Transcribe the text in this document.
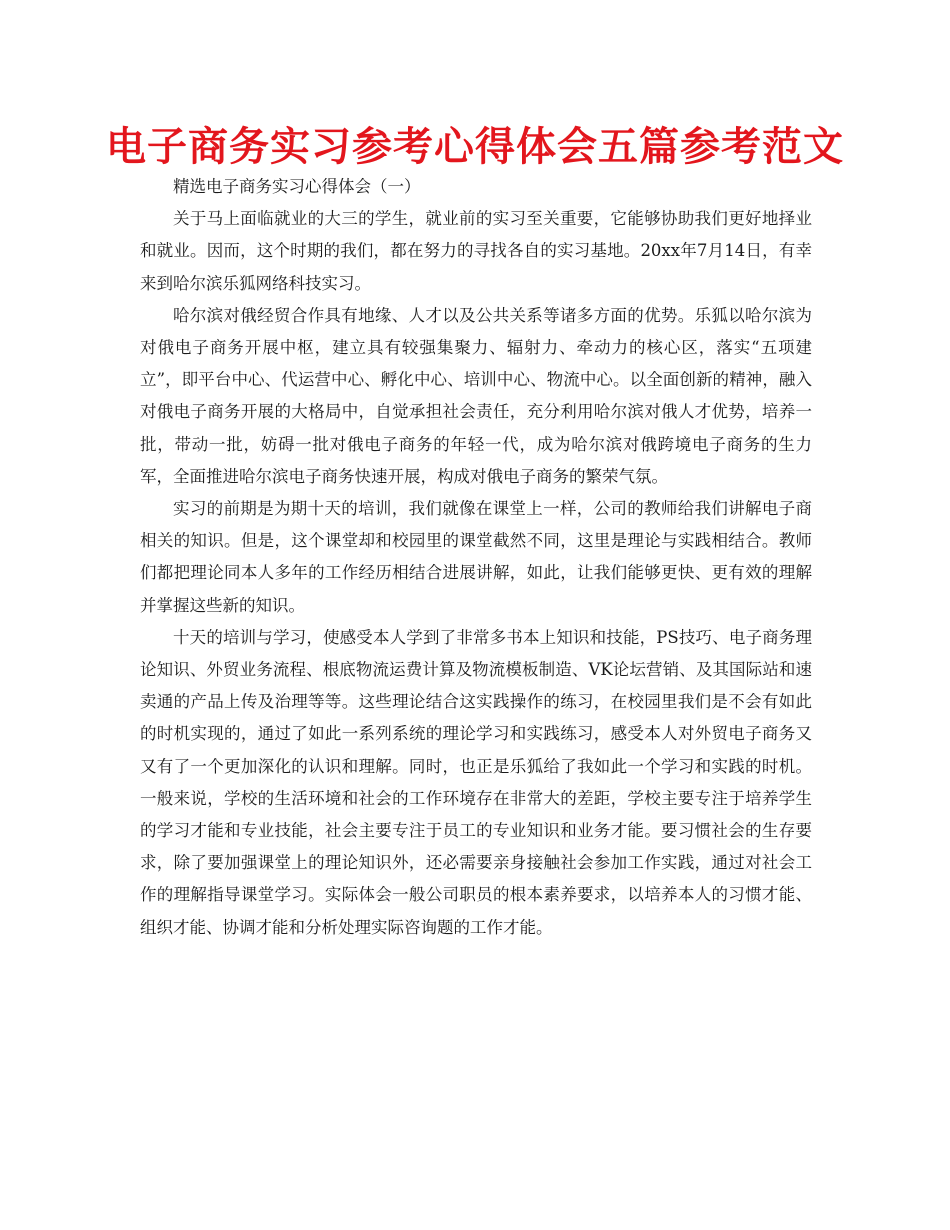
电子商务实习参考心得体会五篇参考范文

精选电子商务实习心得体会（一）

关于马上面临就业的大三的学生，就业前的实习至关重要，它能够协助我们更好地择业和就业。因而，这个时期的我们，都在努力的寻找各自的实习基地。20xx年7月14日，有幸来到哈尔滨乐狐网络科技实习。

哈尔滨对俄经贸合作具有地缘、人才以及公共关系等诸多方面的优势。乐狐以哈尔滨为对俄电子商务开展中枢，建立具有较强集聚力、辐射力、牵动力的核心区，落实“五项建立”，即平台中心、代运营中心、孵化中心、培训中心、物流中心。以全面创新的精神，融入对俄电子商务开展的大格局中，自觉承担社会责任，充分利用哈尔滨对俄人才优势，培养一批，带动一批，妨碍一批对俄电子商务的年轻一代，成为哈尔滨对俄跨境电子商务的生力军，全面推进哈尔滨电子商务快速开展，构成对俄电子商务的繁荣气氛。

实习的前期是为期十天的培训，我们就像在课堂上一样，公司的教师给我们讲解电子商相关的知识。但是，这个课堂却和校园里的课堂截然不同，这里是理论与实践相结合。教师们都把理论同本人多年的工作经历相结合进展讲解，如此，让我们能够更快、更有效的理解并掌握这些新的知识。

十天的培训与学习，使感受本人学到了非常多书本上知识和技能，PS技巧、电子商务理论知识、外贸业务流程、根底物流运费计算及物流模板制造、VK论坛营销、及其国际站和速卖通的产品上传及治理等等。这些理论结合这实践操作的练习，在校园里我们是不会有如此的时机实现的，通过了如此一系列系统的理论学习和实践练习，感受本人对外贸电子商务又又有了一个更加深化的认识和理解。同时，也正是乐狐给了我如此一个学习和实践的时机。 一般来说，学校的生活环境和社会的工作环境存在非常大的差距，学校主要专注于培养学生的学习才能和专业技能，社会主要专注于员工的专业知识和业务才能。要习惯社会的生存要求，除了要加强课堂上的理论知识外，还必需要亲身接触社会参加工作实践，通过对社会工作的理解指导课堂学习。实际体会一般公司职员的根本素养要求，以培养本人的习惯才能、组织才能、协调才能和分析处理实际咨询题的工作才能。
